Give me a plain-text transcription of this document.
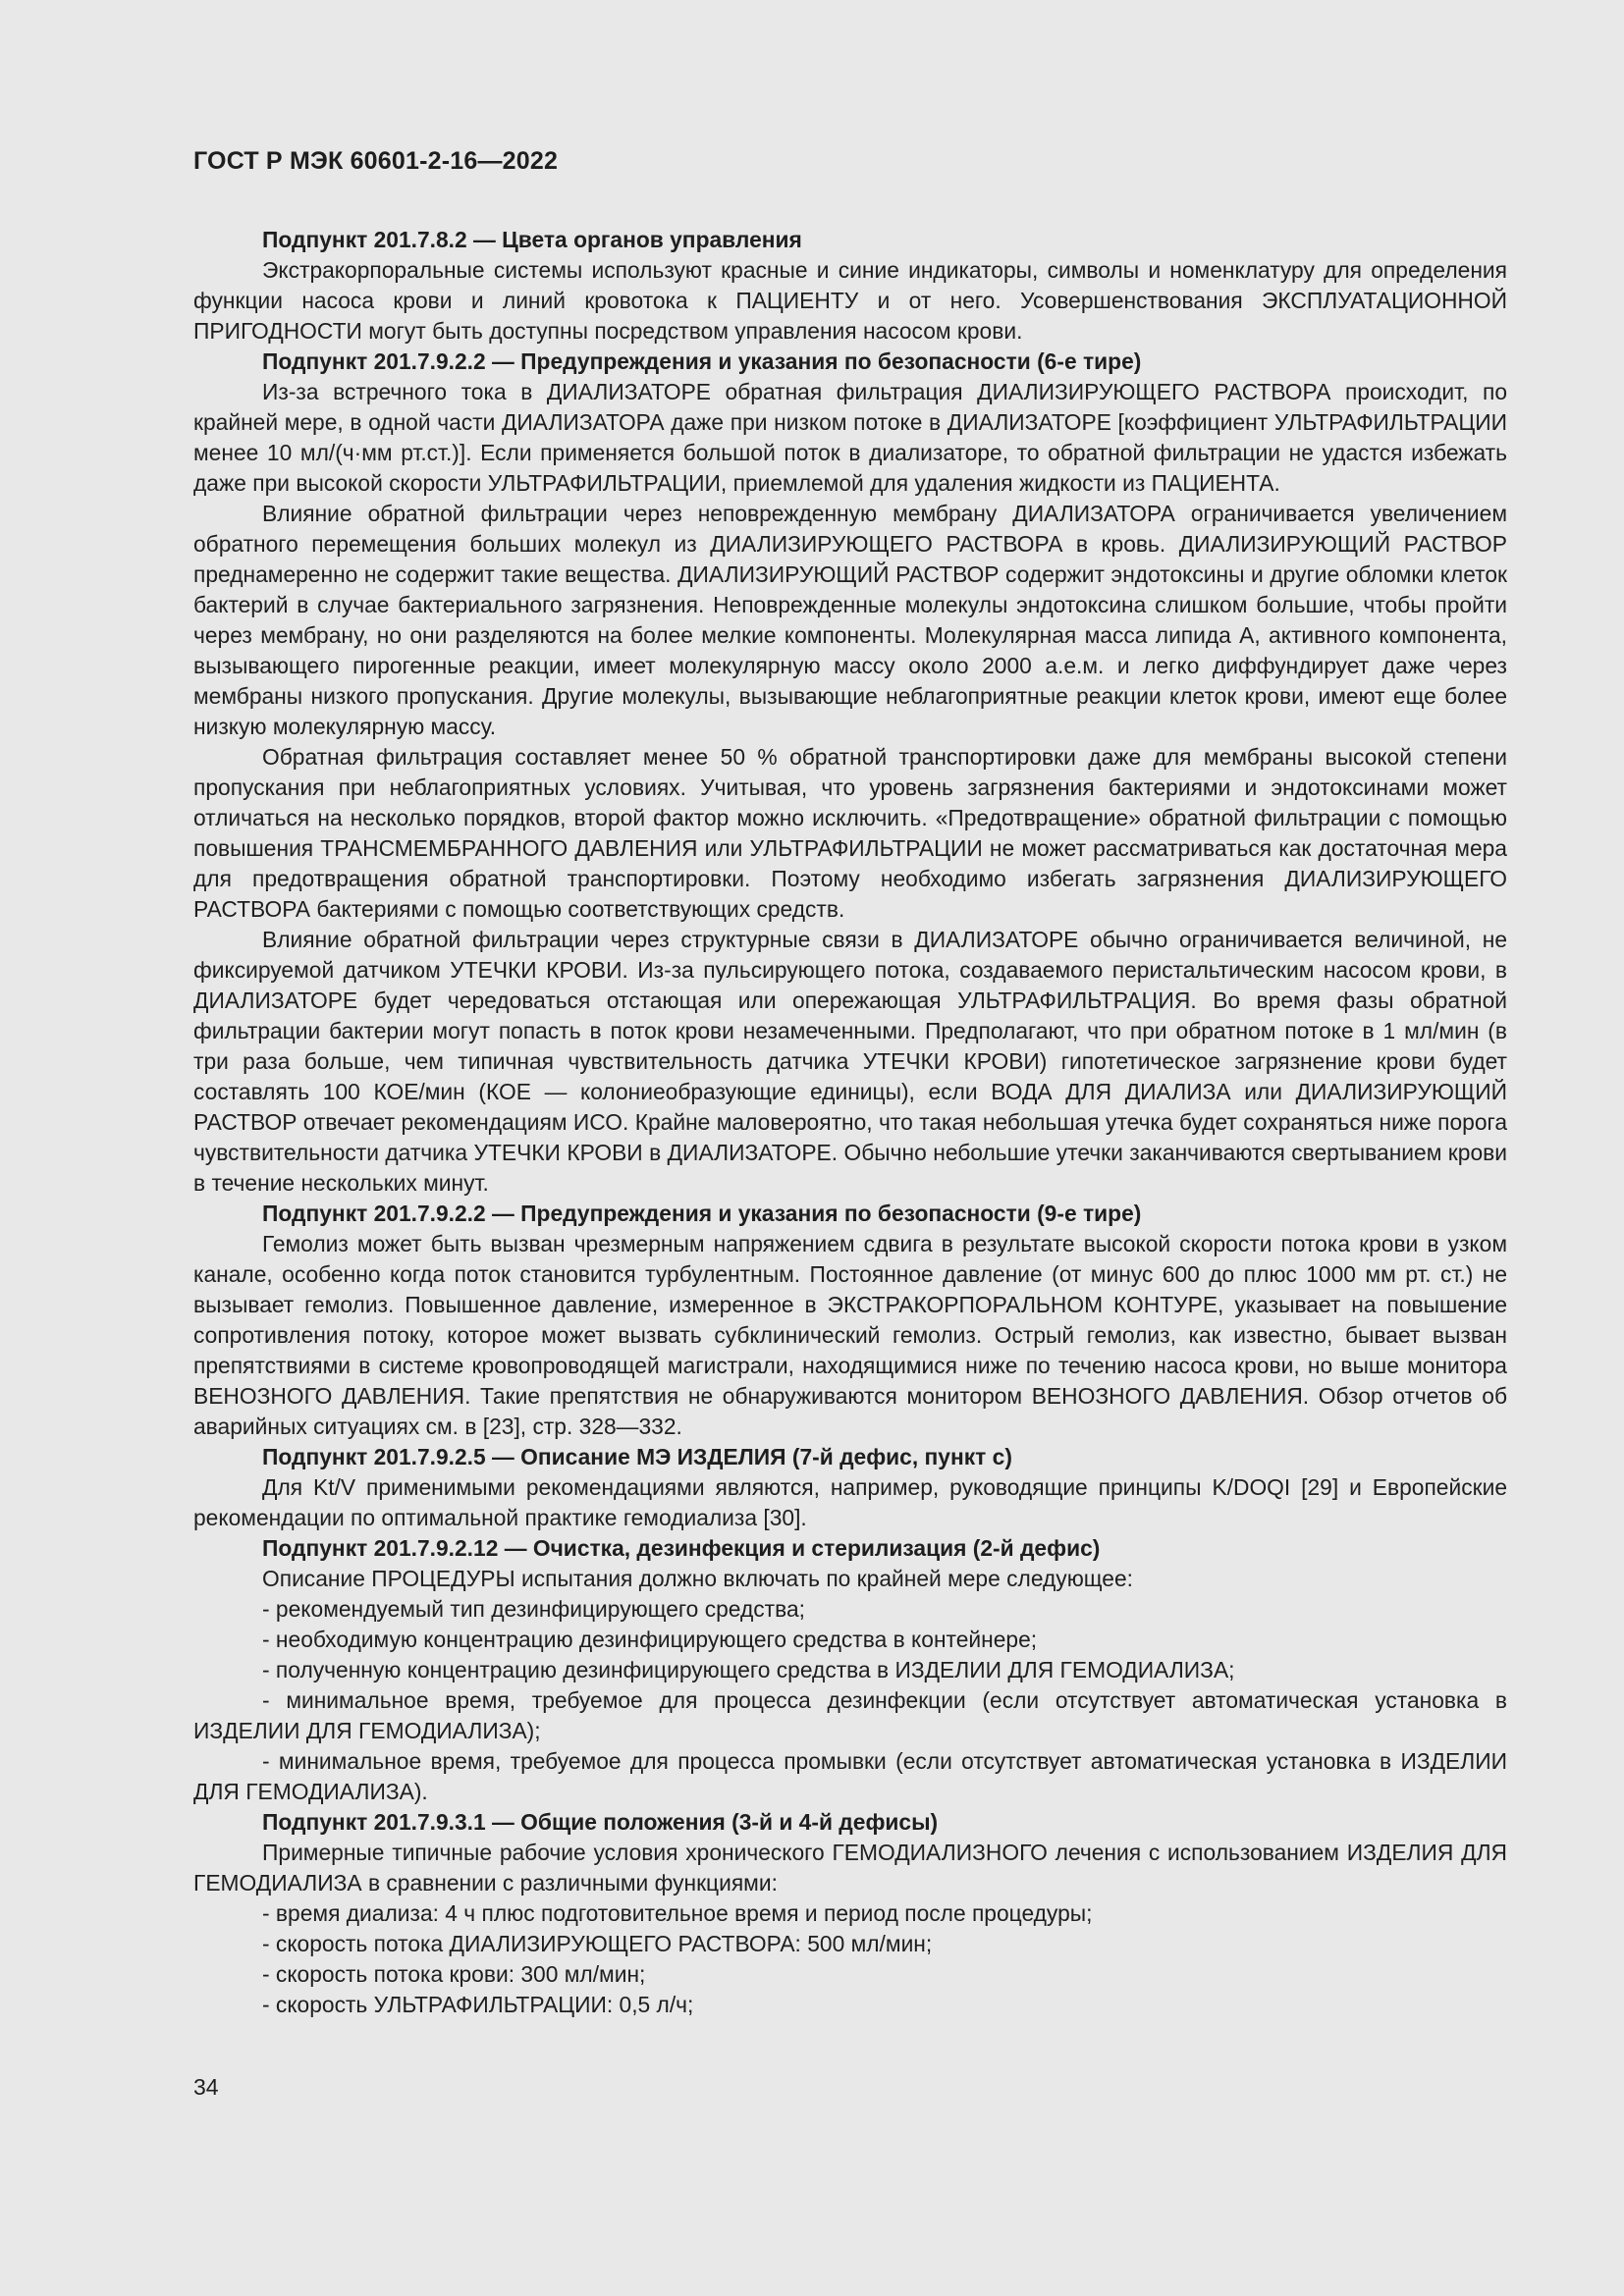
ГОСТ Р МЭК 60601-2-16—2022

Подпункт 201.7.8.2 — Цвета органов управления

Экстракорпоральные системы используют красные и синие индикаторы, символы и номенклатуру для определения функции насоса крови и линий кровотока к ПАЦИЕНТУ и от него. Усовершенствования ЭКСПЛУАТАЦИОННОЙ ПРИГОДНОСТИ могут быть доступны посредством управления насосом крови.

Подпункт 201.7.9.2.2 — Предупреждения и указания по безопасности (6-е тире)

Из-за встречного тока в ДИАЛИЗАТОРЕ обратная фильтрация ДИАЛИЗИРУЮЩЕГО РАСТВОРА происходит, по крайней мере, в одной части ДИАЛИЗАТОРА даже при низком потоке в ДИАЛИЗАТОРЕ [коэффициент УЛЬТРАФИЛЬТРАЦИИ менее 10 мл/(ч·мм рт.ст.)]. Если применяется большой поток в диализаторе, то обратной фильтрации не удастся избежать даже при высокой скорости УЛЬТРАФИЛЬТРАЦИИ, приемлемой для удаления жидкости из ПАЦИЕНТА.

Влияние обратной фильтрации через неповрежденную мембрану ДИАЛИЗАТОРА ограничивается увеличением обратного перемещения больших молекул из ДИАЛИЗИРУЮЩЕГО РАСТВОРА в кровь. ДИАЛИЗИРУЮЩИЙ РАСТВОР преднамеренно не содержит такие вещества. ДИАЛИЗИРУЮЩИЙ РАСТВОР содержит эндотоксины и другие обломки клеток бактерий в случае бактериального загрязнения. Неповрежденные молекулы эндотоксина слишком большие, чтобы пройти через мембрану, но они разделяются на более мелкие компоненты. Молекулярная масса липида А, активного компонента, вызывающего пирогенные реакции, имеет молекулярную массу около 2000 а.е.м. и легко диффундирует даже через мембраны низкого пропускания. Другие молекулы, вызывающие неблагоприятные реакции клеток крови, имеют еще более низкую молекулярную массу.

Обратная фильтрация составляет менее 50 % обратной транспортировки даже для мембраны высокой степени пропускания при неблагоприятных условиях. Учитывая, что уровень загрязнения бактериями и эндотоксинами может отличаться на несколько порядков, второй фактор можно исключить. «Предотвращение» обратной фильтрации с помощью повышения ТРАНСМЕМБРАННОГО ДАВЛЕНИЯ или УЛЬТРАФИЛЬТРАЦИИ не может рассматриваться как достаточная мера для предотвращения обратной транспортировки. Поэтому необходимо избегать загрязнения ДИАЛИЗИРУЮЩЕГО РАСТВОРА бактериями с помощью соответствующих средств.

Влияние обратной фильтрации через структурные связи в ДИАЛИЗАТОРЕ обычно ограничивается величиной, не фиксируемой датчиком УТЕЧКИ КРОВИ. Из-за пульсирующего потока, создаваемого перистальтическим насосом крови, в ДИАЛИЗАТОРЕ будет чередоваться отстающая или опережающая УЛЬТРАФИЛЬТРАЦИЯ. Во время фазы обратной фильтрации бактерии могут попасть в поток крови незамеченными. Предполагают, что при обратном потоке в 1 мл/мин (в три раза больше, чем типичная чувствительность датчика УТЕЧКИ КРОВИ) гипотетическое загрязнение крови будет составлять 100 КОЕ/мин (КОЕ — колониеобразующие единицы), если ВОДА ДЛЯ ДИАЛИЗА или ДИАЛИЗИРУЮЩИЙ РАСТВОР отвечает рекомендациям ИСО. Крайне маловероятно, что такая небольшая утечка будет сохраняться ниже порога чувствительности датчика УТЕЧКИ КРОВИ в ДИАЛИЗАТОРЕ. Обычно небольшие утечки заканчиваются свертыванием крови в течение нескольких минут.

Подпункт 201.7.9.2.2 — Предупреждения и указания по безопасности (9-е тире)

Гемолиз может быть вызван чрезмерным напряжением сдвига в результате высокой скорости потока крови в узком канале, особенно когда поток становится турбулентным. Постоянное давление (от минус 600 до плюс 1000 мм рт. ст.) не вызывает гемолиз. Повышенное давление, измеренное в ЭКСТРАКОРПОРАЛЬНОМ КОНТУРЕ, указывает на повышение сопротивления потоку, которое может вызвать субклинический гемолиз. Острый гемолиз, как известно, бывает вызван препятствиями в системе кровопроводящей магистрали, находящимися ниже по течению насоса крови, но выше монитора ВЕНОЗНОГО ДАВЛЕНИЯ. Такие препятствия не обнаруживаются монитором ВЕНОЗНОГО ДАВЛЕНИЯ. Обзор отчетов об аварийных ситуациях см. в [23], стр. 328—332.

Подпункт 201.7.9.2.5 — Описание МЭ ИЗДЕЛИЯ (7-й дефис, пункт с)

Для Kt/V применимыми рекомендациями являются, например, руководящие принципы K/DOQI [29] и Европейские рекомендации по оптимальной практике гемодиализа [30].

Подпункт 201.7.9.2.12 — Очистка, дезинфекция и стерилизация (2-й дефис)

Описание ПРОЦЕДУРЫ испытания должно включать по крайней мере следующее:

- рекомендуемый тип дезинфицирующего средства;

- необходимую концентрацию дезинфицирующего средства в контейнере;

- полученную концентрацию дезинфицирующего средства в ИЗДЕЛИИ ДЛЯ ГЕМОДИАЛИЗА;

- минимальное время, требуемое для процесса дезинфекции (если отсутствует автоматическая установка в ИЗДЕЛИИ ДЛЯ ГЕМОДИАЛИЗА);

- минимальное время, требуемое для процесса промывки (если отсутствует автоматическая установка в ИЗДЕЛИИ ДЛЯ ГЕМОДИАЛИЗА).

Подпункт 201.7.9.3.1 — Общие положения (3-й и 4-й дефисы)

Примерные типичные рабочие условия хронического ГЕМОДИАЛИЗНОГО лечения с использованием ИЗДЕЛИЯ ДЛЯ ГЕМОДИАЛИЗА в сравнении с различными функциями:

- время диализа: 4 ч плюс подготовительное время и период после процедуры;

- скорость потока ДИАЛИЗИРУЮЩЕГО РАСТВОРА: 500 мл/мин;

- скорость потока крови: 300 мл/мин;

- скорость УЛЬТРАФИЛЬТРАЦИИ: 0,5 л/ч;

34
